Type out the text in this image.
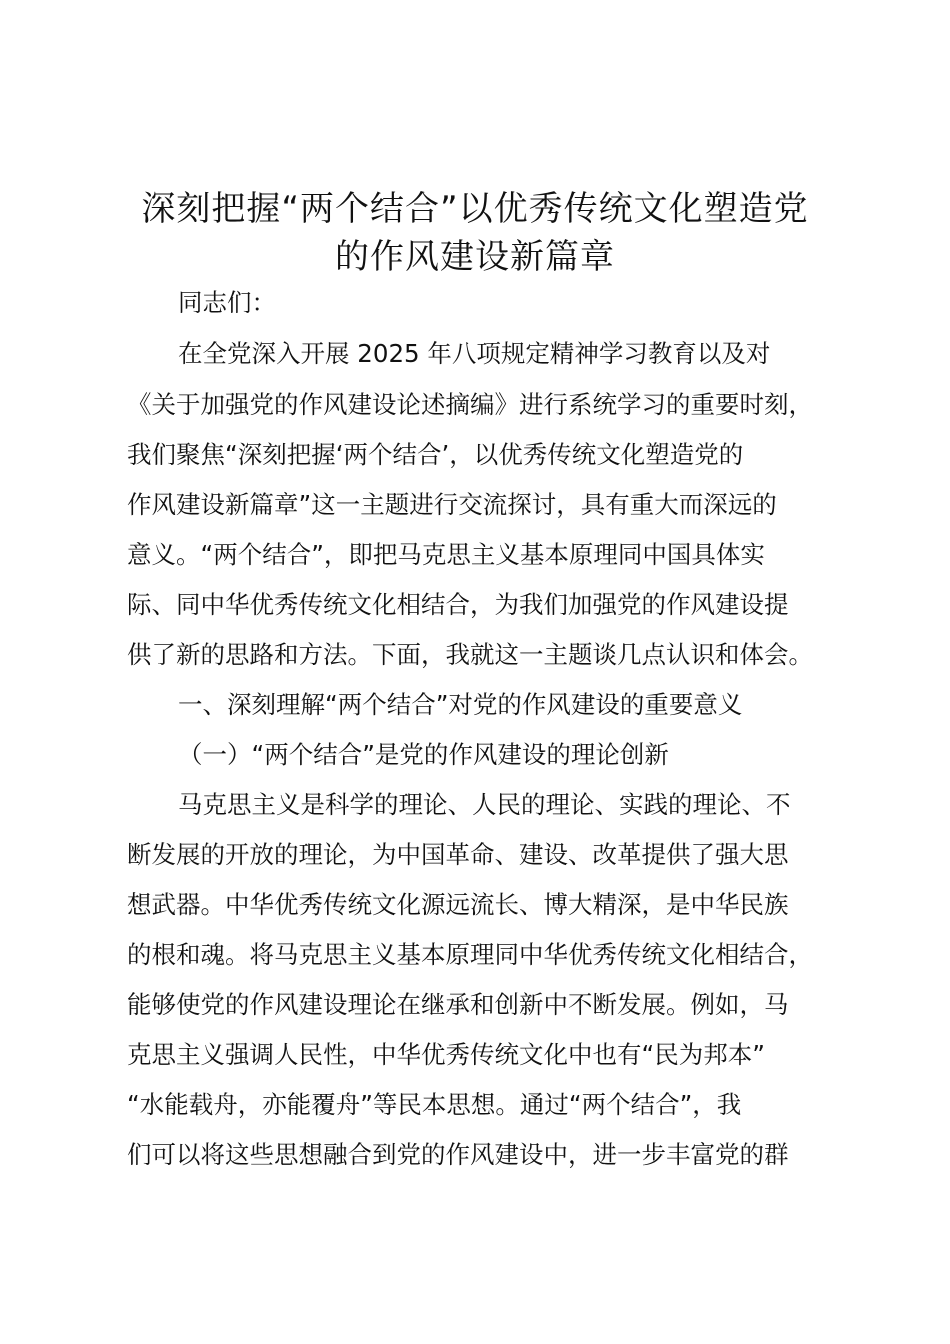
深刻把握“两个结合”以优秀传统文化塑造党
的作风建设新篇章
同志们：
在全党深入开展 2025 年八项规定精神学习教育以及对
《关于加强党的作风建设论述摘编》进行系统学习的重要时刻，
我们聚焦“深刻把握‘两个结合’，以优秀传统文化塑造党的
作风建设新篇章”这一主题进行交流探讨，具有重大而深远的
意义。“两个结合”，即把马克思主义基本原理同中国具体实
际、同中华优秀传统文化相结合，为我们加强党的作风建设提
供了新的思路和方法。下面，我就这一主题谈几点认识和体会。
一、深刻理解“两个结合”对党的作风建设的重要意义
（一）“两个结合”是党的作风建设的理论创新
马克思主义是科学的理论、人民的理论、实践的理论、不
断发展的开放的理论，为中国革命、建设、改革提供了强大思
想武器。中华优秀传统文化源远流长、博大精深，是中华民族
的根和魂。将马克思主义基本原理同中华优秀传统文化相结合，
能够使党的作风建设理论在继承和创新中不断发展。例如，马
克思主义强调人民性，中华优秀传统文化中也有“民为邦本”
“水能载舟，亦能覆舟”等民本思想。通过“两个结合”，我
们可以将这些思想融合到党的作风建设中，进一步丰富党的群
